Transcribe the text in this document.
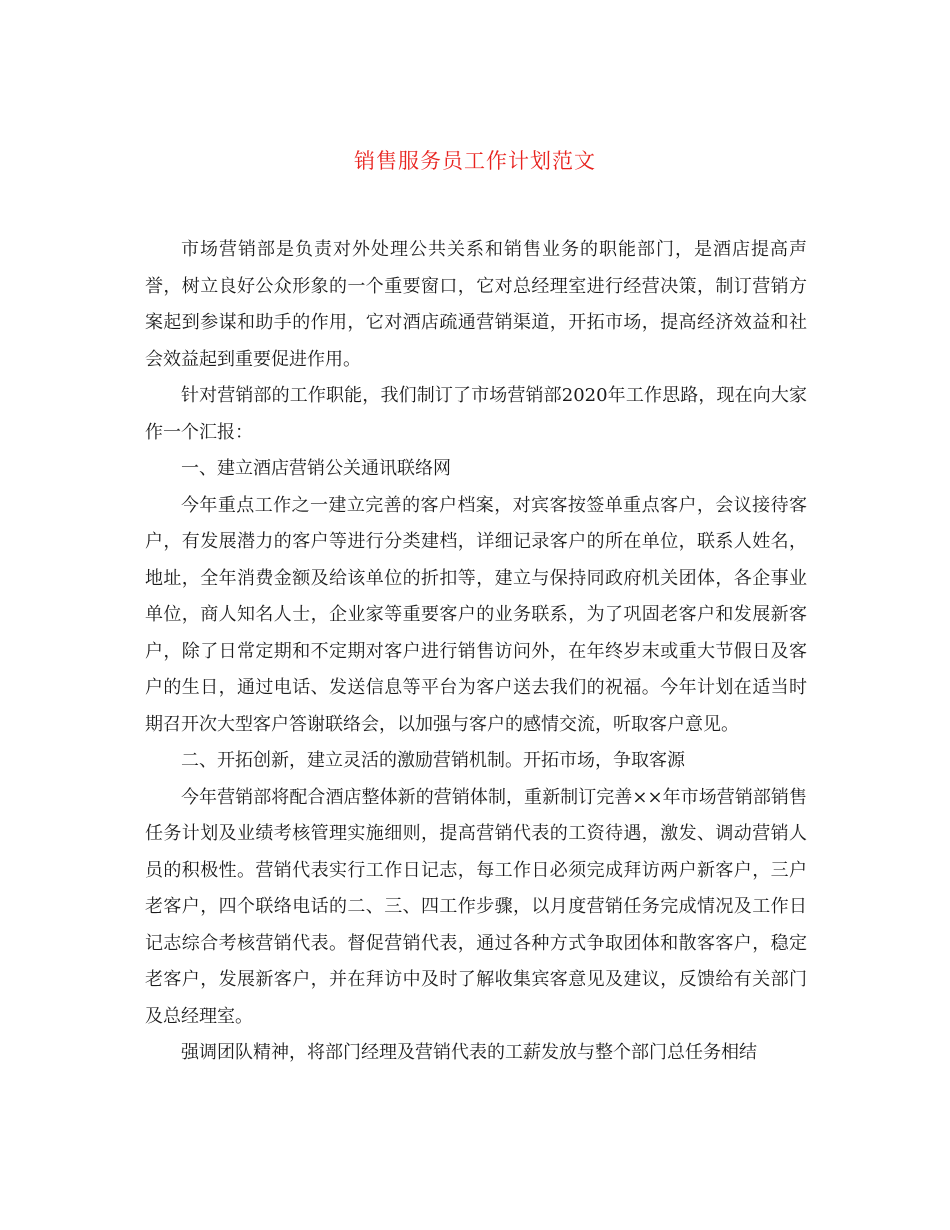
销售服务员工作计划范文

市场营销部是负责对外处理公共关系和销售业务的职能部门，是酒店提高声誉，树立良好公众形象的一个重要窗口，它对总经理室进行经营决策，制订营销方案起到参谋和助手的作用，它对酒店疏通营销渠道，开拓市场，提高经济效益和社会效益起到重要促进作用。

针对营销部的工作职能，我们制订了市场营销部2020年工作思路，现在向大家作一个汇报：

一、建立酒店营销公关通讯联络网

今年重点工作之一建立完善的客户档案，对宾客按签单重点客户，会议接待客户，有发展潜力的客户等进行分类建档，详细记录客户的所在单位，联系人姓名，地址，全年消费金额及给该单位的折扣等，建立与保持同政府机关团体，各企事业单位，商人知名人士，企业家等重要客户的业务联系，为了巩固老客户和发展新客户，除了日常定期和不定期对客户进行销售访问外，在年终岁末或重大节假日及客户的生日，通过电话、发送信息等平台为客户送去我们的祝福。今年计划在适当时期召开次大型客户答谢联络会，以加强与客户的感情交流，听取客户意见。

二、开拓创新，建立灵活的激励营销机制。开拓市场，争取客源

今年营销部将配合酒店整体新的营销体制，重新制订完善××年市场营销部销售任务计划及业绩考核管理实施细则，提高营销代表的工资待遇，激发、调动营销人员的积极性。营销代表实行工作日记志，每工作日必须完成拜访两户新客户，三户老客户，四个联络电话的二、三、四工作步骤，以月度营销任务完成情况及工作日记志综合考核营销代表。督促营销代表，通过各种方式争取团体和散客客户，稳定老客户，发展新客户，并在拜访中及时了解收集宾客意见及建议，反馈给有关部门及总经理室。

强调团队精神，将部门经理及营销代表的工薪发放与整个部门总任务相结
